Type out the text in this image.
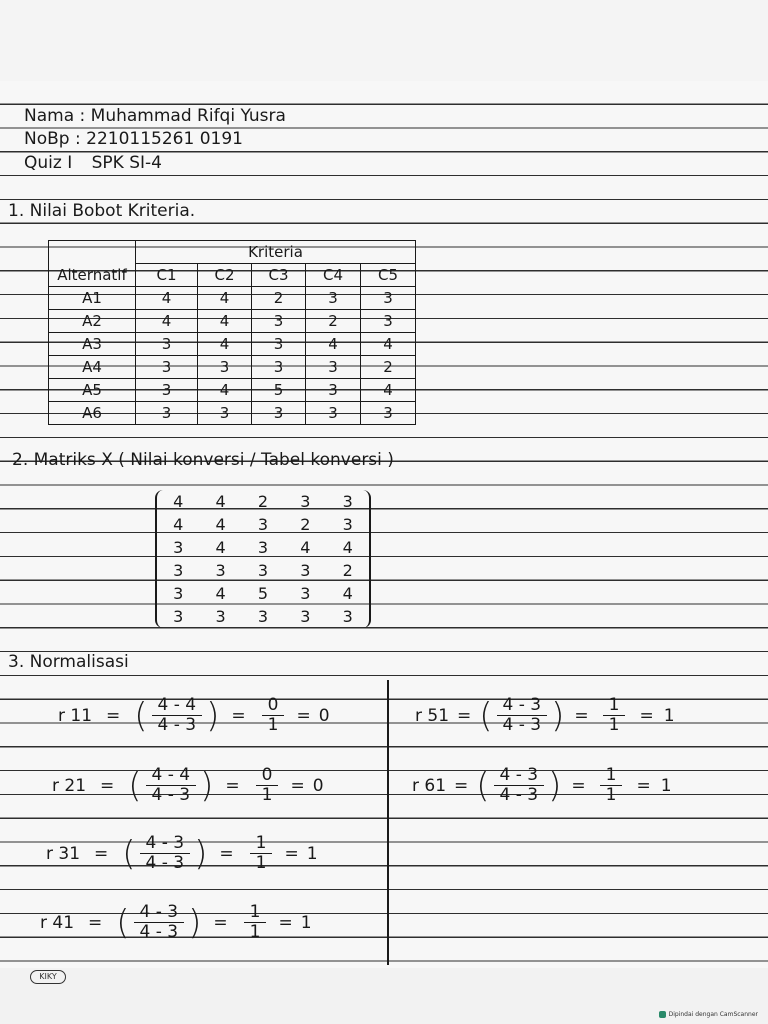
Nama : Muhammad Rifqi Yusra
NoBp : 2210115261 0191
Quiz I SPK SI-4
1. Nilai Bobot Kriteria.
	Kriteria				
Alternatif	C1	C2	C3	C4	C5
A1	4	4	2	3	3
A2	4	4	3	2	3
A3	3	4	3	4	4
A4	3	3	3	3	2
A5	3	4	5	3	4
A6	3	3	3	3	3
2. Matriks X ( Nilai konversi / Tabel konversi )
4 4 2 3 3
4 4 3 2 3
3 4 3 4 4
3 3 3 3 2
3 4 5 3 4
3 3 3 3 3
3. Normalisasi
r 11 = ( $\frac{4 - 4}{4 - 3}$ ) = $\frac{0}{1} = 0$
r 21 = ( $\frac{4 - 4}{4 - 3}$ ) = $\frac{0}{1} = 0$
r 31 = ( $\frac{4 - 3}{4 - 3}$ ) = $\frac{1}{1} = 1$
r 41 = ( $\frac{4 - 3}{4 - 3}$ ) = $\frac{1}{1} = 1$
r 51 = ( $\frac{4 - 3}{4 - 3}$ ) = $\frac{1}{1} = 1$
r 61 = ( $\frac{4 - 3}{4 - 3}$ ) = $\frac{1}{1} = 1$
KIKY
Dipindai dengan CamScanner
